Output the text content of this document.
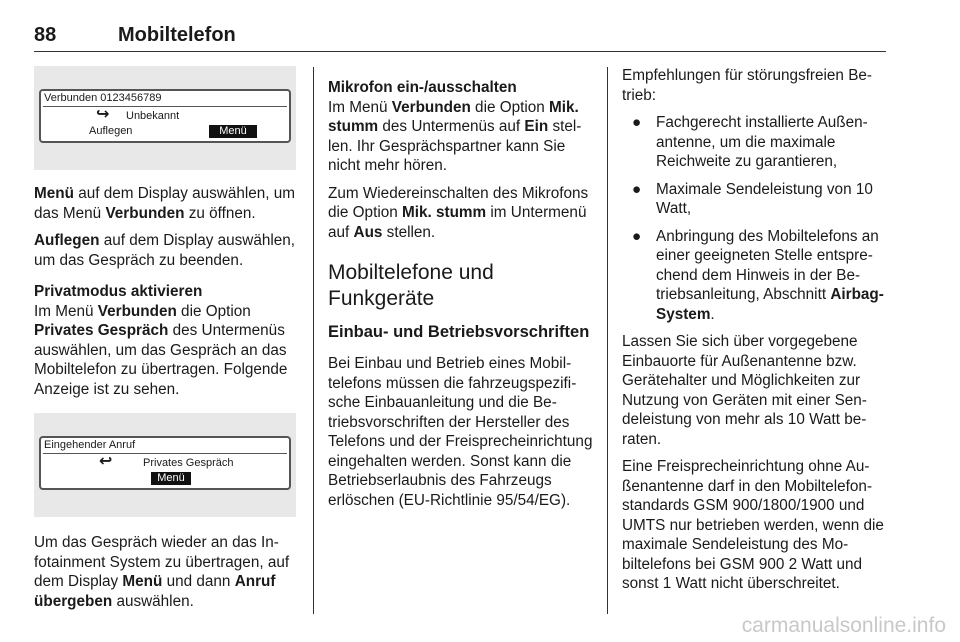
88	Mobiltelefon
Verbunden 0123456789
↪ Unbekannt
Auflegen	Menü

Menü auf dem Display auswählen, um das Menü Verbunden zu öffnen.

Auflegen auf dem Display auswählen, um das Gespräch zu beenden.

Privatmodus aktivieren

Im Menü Verbunden die Option Privates Gespräch des Untermenüs auswählen, um das Gespräch an das Mobiltelefon zu übertragen. Folgende Anzeige ist zu sehen.

Eingehender Anruf
↩	Privates Gespräch
Menü

Um das Gespräch wieder an das Infotainment System zu übertragen, auf dem Display Menü und dann Anruf übergeben auswählen.

Mikrofon ein-/ausschalten

Im Menü Verbunden die Option Mik. stumm des Untermenüs auf Ein stellen. Ihr Gesprächspartner kann Sie nicht mehr hören.

Zum Wiedereinschalten des Mikrofons die Option Mik. stumm im Untermenü auf Aus stellen.

Mobiltelefone und Funkgeräte
Einbau- und Betriebsvorschriften

Bei Einbau und Betrieb eines Mobiltelefons müssen die fahrzeugspezifische Einbauanleitung und die Betriebsvorschriften der Hersteller des Telefons und der Freisprecheinrichtung eingehalten werden. Sonst kann die Betriebserlaubnis des Fahrzeugs erlöschen (EU-Richtlinie 95/54/EG).

Empfehlungen für störungsfreien Betrieb:

● Fachgerecht installierte Außenantenne, um die maximale Reichweite zu garantieren,
● Maximale Sendeleistung von 10 Watt,
● Anbringung des Mobiltelefons an einer geeigneten Stelle entsprechend dem Hinweis in der Betriebsanleitung, Abschnitt Airbag-System.

Lassen Sie sich über vorgegebene Einbauorte für Außenantenne bzw. Gerätehalter und Möglichkeiten zur Nutzung von Geräten mit einer Sendeleistung von mehr als 10 Watt beraten.

Eine Freisprecheinrichtung ohne Außenantenne darf in den Mobiltelefonstandards GSM 900/1800/1900 und UMTS nur betrieben werden, wenn die maximale Sendeleistung des Mobiltelefons bei GSM 900 2 Watt und sonst 1 Watt nicht überschreitet.

carmanualsonline.info
